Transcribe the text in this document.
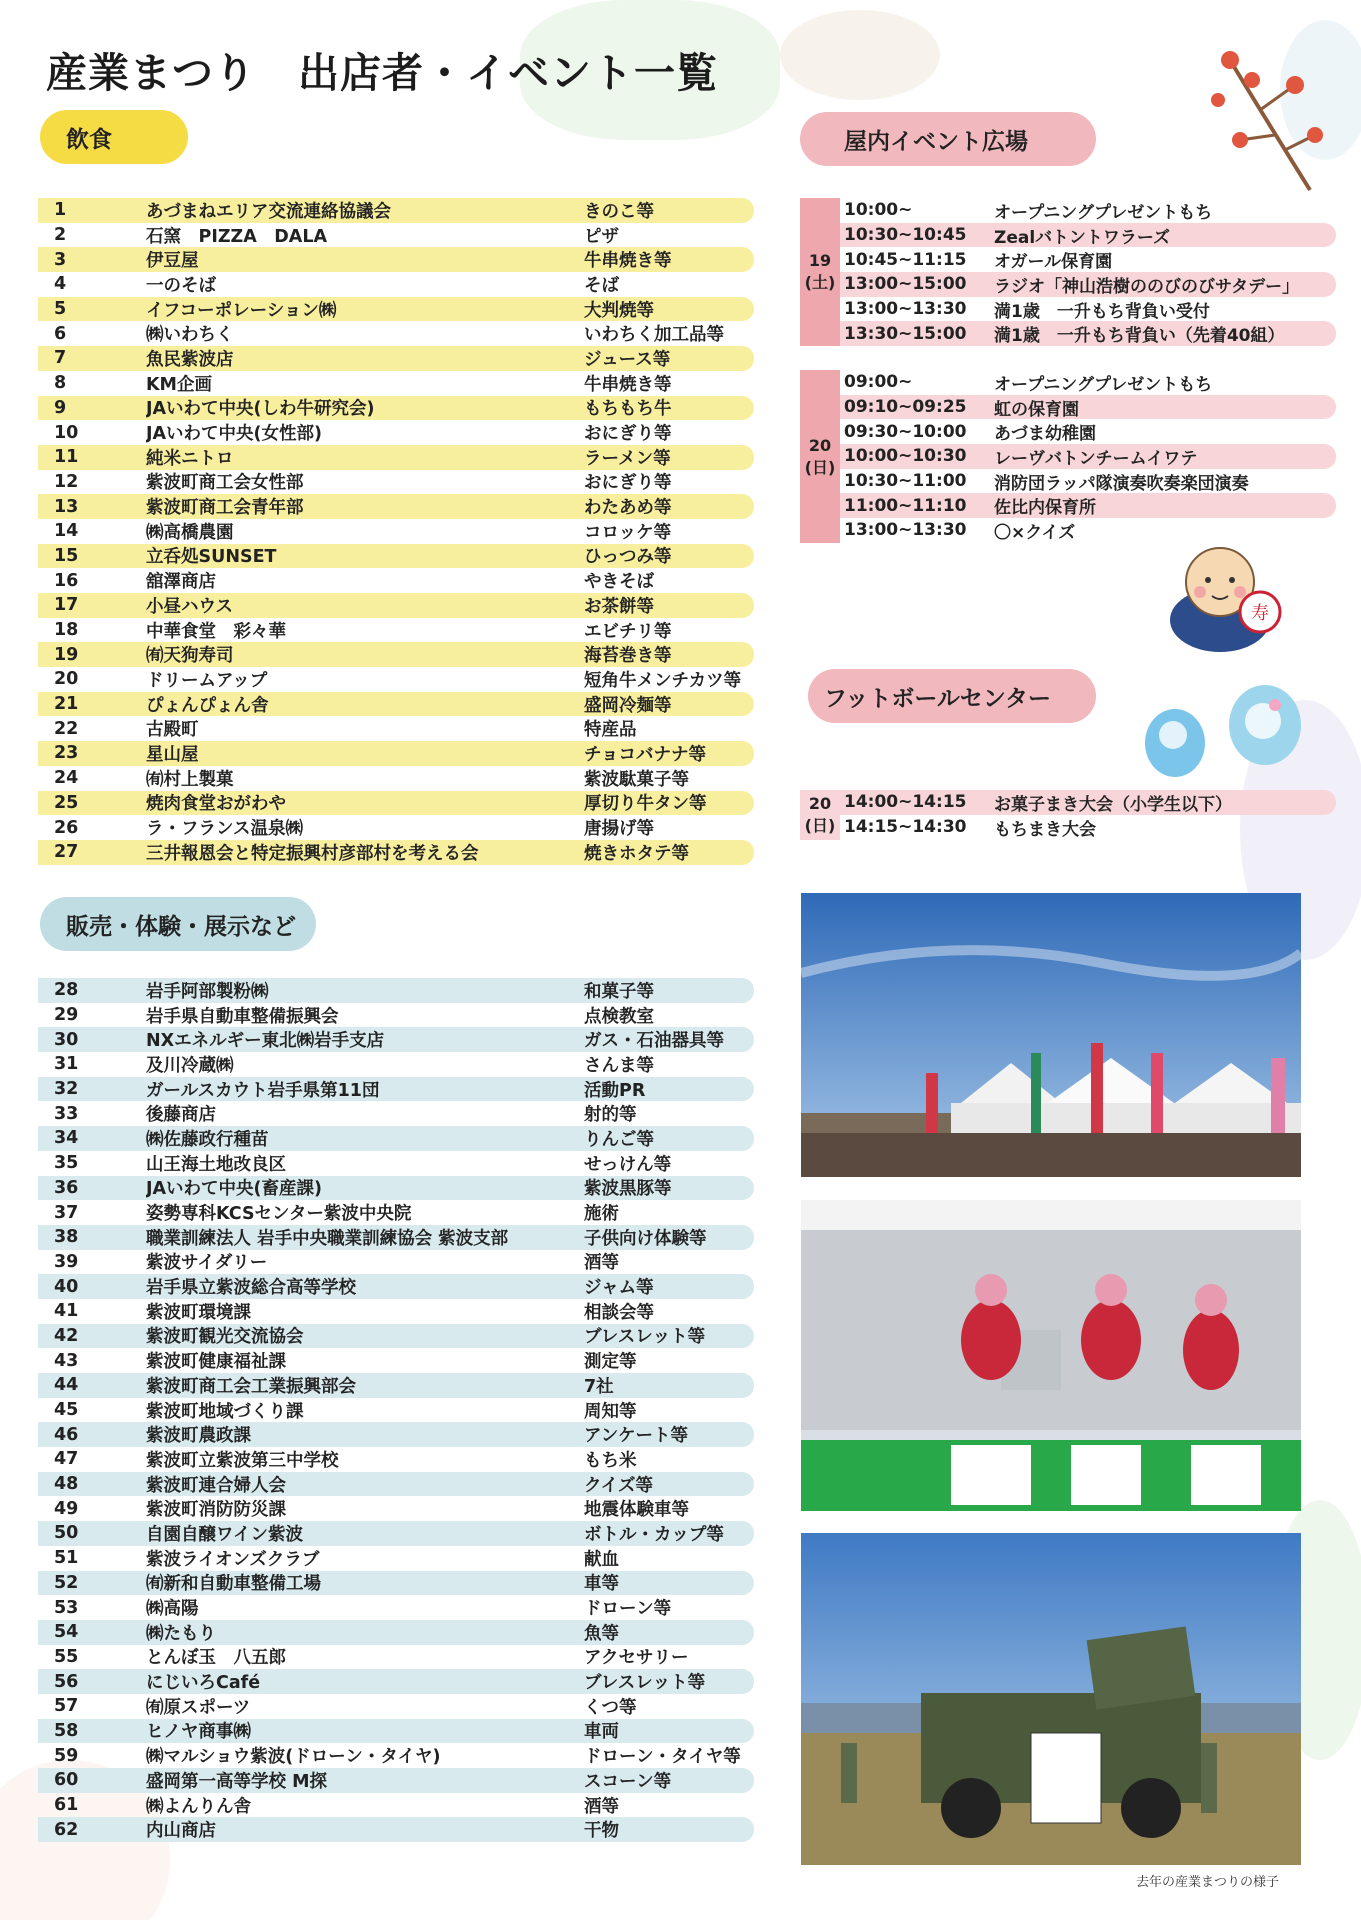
産業まつり　出店者・イベント一覧
飲食
1	あづまねエリア交流連絡協議会	きのこ等
2	石窯　PIZZA　DALA	ピザ
3	伊豆屋	牛串焼き等
4	一のそば	そば
5	イフコーポレーション㈱	大判焼等
6	㈱いわちく	いわちく加工品等
7	魚民紫波店	ジュース等
8	KM企画	牛串焼き等
9	JAいわて中央(しわ牛研究会)	もちもち牛
10	JAいわて中央(女性部)	おにぎり等
11	純米ニトロ	ラーメン等
12	紫波町商工会女性部	おにぎり等
13	紫波町商工会青年部	わたあめ等
14	㈱高橋農園	コロッケ等
15	立呑処SUNSET	ひっつみ等
16	舘澤商店	やきそば
17	小昼ハウス	お茶餅等
18	中華食堂　彩々華	エビチリ等
19	㈲天狗寿司	海苔巻き等
20	ドリームアップ	短角牛メンチカツ等
21	ぴょんぴょん舎	盛岡冷麺等
22	古殿町	特産品
23	星山屋	チョコバナナ等
24	㈲村上製菓	紫波駄菓子等
25	焼肉食堂おがわや	厚切り牛タン等
26	ラ・フランス温泉㈱	唐揚げ等
27	三井報恩会と特定振興村彦部村を考える会	焼きホタテ等
販売・体験・展示など
28	岩手阿部製粉㈱	和菓子等
29	岩手県自動車整備振興会	点検教室
30	NXエネルギー東北㈱岩手支店	ガス・石油器具等
31	及川冷蔵㈱	さんま等
32	ガールスカウト岩手県第11団	活動PR
33	後藤商店	射的等
34	㈱佐藤政行種苗	りんご等
35	山王海土地改良区	せっけん等
36	JAいわて中央(畜産課)	紫波黒豚等
37	姿勢専科KCSセンター紫波中央院	施術
38	職業訓練法人 岩手中央職業訓練協会 紫波支部	子供向け体験等
39	紫波サイダリー	酒等
40	岩手県立紫波総合高等学校	ジャム等
41	紫波町環境課	相談会等
42	紫波町観光交流協会	ブレスレット等
43	紫波町健康福祉課	測定等
44	紫波町商工会工業振興部会	7社
45	紫波町地域づくり課	周知等
46	紫波町農政課	アンケート等
47	紫波町立紫波第三中学校	もち米
48	紫波町連合婦人会	クイズ等
49	紫波町消防防災課	地震体験車等
50	自園自醸ワイン紫波	ボトル・カップ等
51	紫波ライオンズクラブ	献血
52	㈲新和自動車整備工場	車等
53	㈱高陽	ドローン等
54	㈱たもり	魚等
55	とんぼ玉　八五郎	アクセサリー
56	にじいろCafé	ブレスレット等
57	㈲原スポーツ	くつ等
58	ヒノヤ商事㈱	車両
59	㈱マルショウ紫波(ドローン・タイヤ)	ドローン・タイヤ等
60	盛岡第一高等学校 M探	スコーン等
61	㈱よんりん舎	酒等
62	内山商店	干物
屋内イベント広場
19
(土)
10:00~	オープニングプレゼントもち
10:30~10:45	Zealバトントワラーズ
10:45~11:15	オガール保育園
13:00~15:00	ラジオ「神山浩樹ののびのびサタデー」
13:00~13:30	満1歳　一升もち背負い受付
13:30~15:00	満1歳　一升もち背負い（先着40組）
20
(日)
09:00~	オープニングプレゼントもち
09:10~09:25	虹の保育園
09:30~10:00	あづま幼稚園
10:00~10:30	レーヴバトンチームイワテ
10:30~11:00	消防団ラッパ隊演奏吹奏楽団演奏
11:00~11:10	佐比内保育所
13:00~13:30	〇×クイズ
寿
フットボールセンター
20
(日)
14:00~14:15	お菓子まき大会（小学生以下）
14:15~14:30	もちまき大会
去年の産業まつりの様子
